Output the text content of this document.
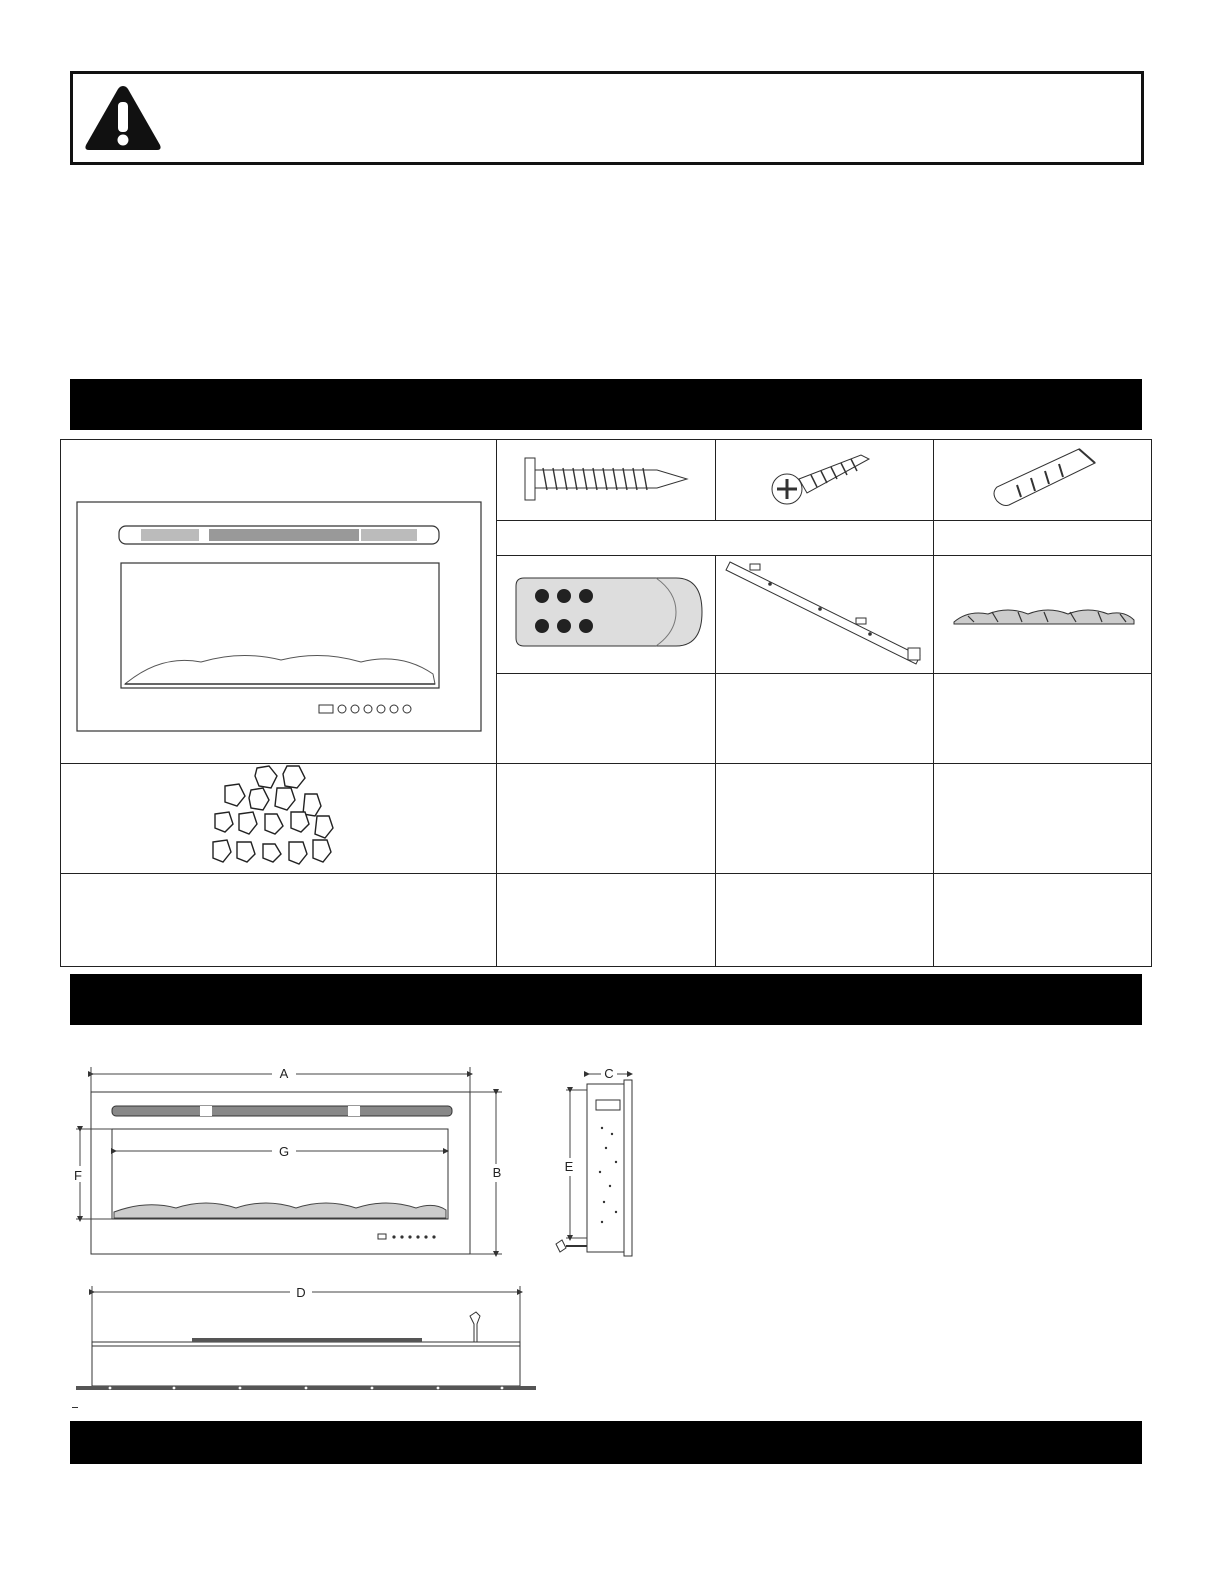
A
G
F	B
C
E
D
